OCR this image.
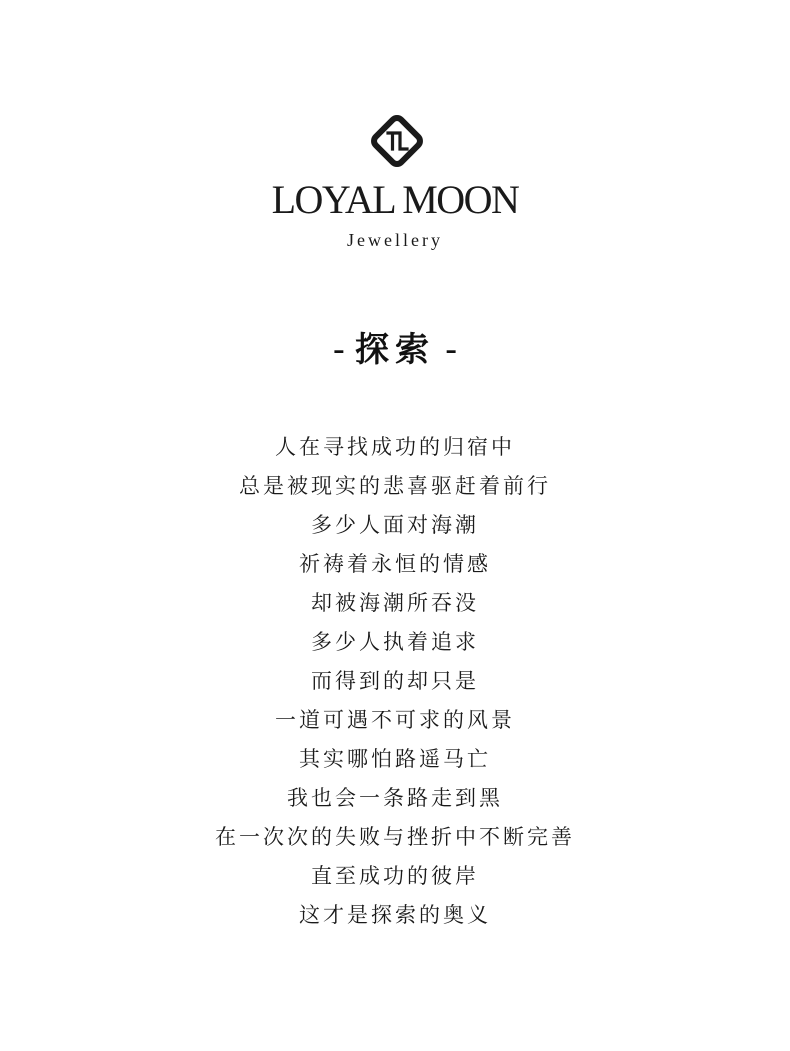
LOYAL MOON
Jewellery
- 探索 -
人在寻找成功的归宿中
总是被现实的悲喜驱赶着前行
多少人面对海潮
祈祷着永恒的情感
却被海潮所吞没
多少人执着追求
而得到的却只是
一道可遇不可求的风景
其实哪怕路遥马亡
我也会一条路走到黑
在一次次的失败与挫折中不断完善
直至成功的彼岸
这才是探索的奥义
